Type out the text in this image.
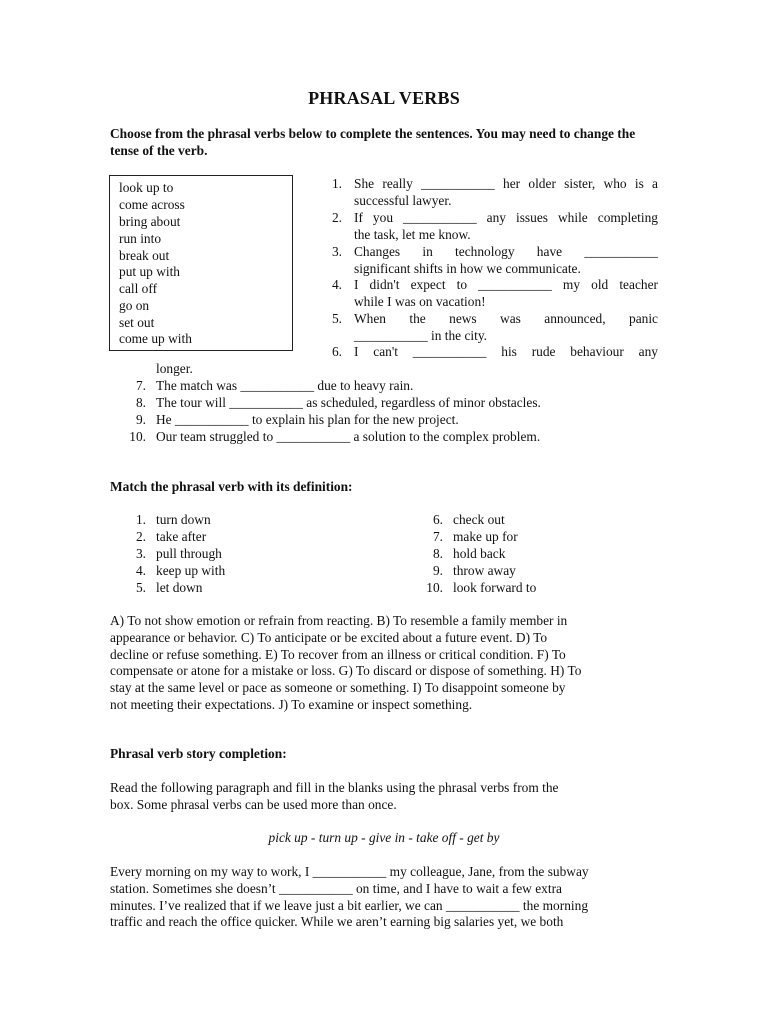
PHRASAL VERBS
Choose from the phrasal verbs below to complete the sentences. You may need to change the tense of the verb.
look up to
come across
bring about
run into
break out
put up with
call off
go on
set out
come up with
1. She really ___________ her older sister, who is a
successful lawyer.
2. If you ___________ any issues while completing
the task, let me know.
3. Changes in technology have ___________
significant shifts in how we communicate.
4. I didn't expect to ___________ my old teacher
while I was on vacation!
5. When the news was announced, panic
___________ in the city.
6. I can't ___________ his rude behaviour any
longer.
7. The match was ___________ due to heavy rain.
8. The tour will ___________ as scheduled, regardless of minor obstacles.
9. He ___________ to explain his plan for the new project.
10. Our team struggled to ___________ a solution to the complex problem.
Match the phrasal verb with its definition:
1. turn down
2. take after
3. pull through
4. keep up with
5. let down
6. check out
7. make up for
8. hold back
9. throw away
10. look forward to
A) To not show emotion or refrain from reacting. B) To resemble a family member in
appearance or behavior. C) To anticipate or be excited about a future event. D) To
decline or refuse something. E) To recover from an illness or critical condition. F) To
compensate or atone for a mistake or loss. G) To discard or dispose of something. H) To
stay at the same level or pace as someone or something. I) To disappoint someone by
not meeting their expectations. J) To examine or inspect something.
Phrasal verb story completion:
Read the following paragraph and fill in the blanks using the phrasal verbs from the
box. Some phrasal verbs can be used more than once.
pick up - turn up - give in - take off - get by
Every morning on my way to work, I ___________ my colleague, Jane, from the subway
station. Sometimes she doesn’t ___________ on time, and I have to wait a few extra
minutes. I’ve realized that if we leave just a bit earlier, we can ___________ the morning
traffic and reach the office quicker. While we aren’t earning big salaries yet, we both
